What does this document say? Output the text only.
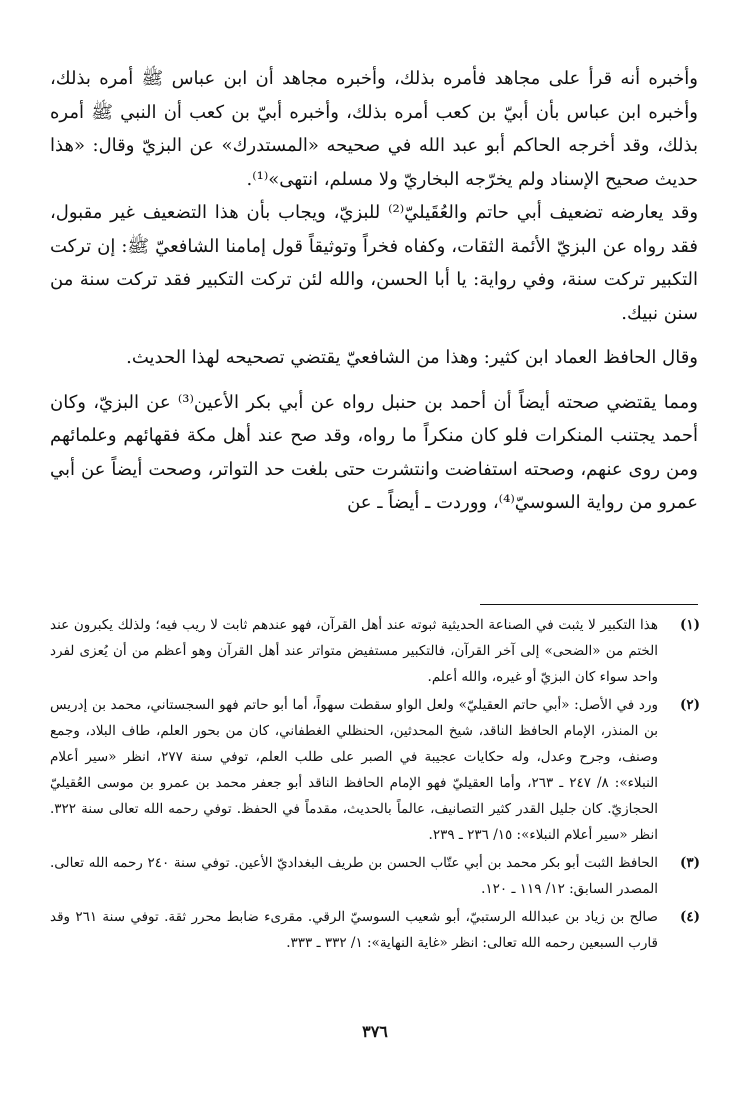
وأخبره أنه قرأ على مجاهد فأمره بذلك، وأخبره مجاهد أن ابن عباس ﷺ أمره بذلك، وأخبره ابن عباس بأن أبيّ بن كعب أمره بذلك، وأخبره أبيّ بن كعب أن النبي ﷺ أمره بذلك، وقد أخرجه الحاكم أبو عبد الله في صحيحه «المستدرك» عن البزيّ وقال: «هذا حديث صحيح الإسناد ولم يخرّجه البخاريّ ولا مسلم، انتهى»⁽¹⁾.

وقد يعارضه تضعيف أبي حاتم والعُقَيليّ⁽²⁾ للبزيّ، ويجاب بأن هذا التضعيف غير مقبول، فقد رواه عن البزيّ الأئمة الثقات، وكفاه فخراً وتوثيقاً قول إمامنا الشافعيّ ﷺ: إن تركت التكبير تركت سنة، وفي رواية: يا أبا الحسن، والله لئن تركت التكبير فقد تركت سنة من سنن نبيك.

وقال الحافظ العماد ابن كثير: وهذا من الشافعيّ يقتضي تصحيحه لهذا الحديث.

ومما يقتضي صحته أيضاً أن أحمد بن حنبل رواه عن أبي بكر الأعين⁽³⁾ عن البزيّ، وكان أحمد يجتنب المنكرات فلو كان منكراً ما رواه، وقد صح عند أهل مكة فقهائهم وعلمائهم ومن روى عنهم، وصحته استفاضت وانتشرت حتى بلغت حد التواتر، وصحت أيضاً عن أبي عمرو من رواية السوسيّ⁽⁴⁾، ووردت ـ أيضاً ـ عن

(١)
هذا التكبير لا يثبت في الصناعة الحديثية ثبوته عند أهل القرآن، فهو عندهم ثابت لا ريب فيه؛ ولذلك يكبرون عند الختم من «الضحى» إلى آخر القرآن، فالتكبير مستفيض متواتر عند أهل القرآن وهو أعظم من أن يُعزى لفرد واحد سواء كان البزيّ أو غيره، والله أعلم.
(٢)
ورد في الأصل: «أبي حاتم العقيليّ» ولعل الواو سقطت سهواً، أما أبو حاتم فهو السجستاني، محمد بن إدريس بن المنذر، الإمام الحافظ الناقد، شيخ المحدثين، الحنظلي الغطفاني، كان من بحور العلم، طاف البلاد، وجمع وصنف، وجرح وعدل، وله حكايات عجيبة في الصبر على طلب العلم، توفي سنة ٢٧٧، انظر «سير أعلام النبلاء»: ٨/ ٢٤٧ ـ ٢٦٣، وأما العقيليّ فهو الإمام الحافظ الناقد أبو جعفر محمد بن عمرو بن موسى العُقيليّ الحجازيّ. كان جليل القدر كثير التصانيف، عالماً بالحديث، مقدماً في الحفظ. توفي رحمه الله تعالى سنة ٣٢٢. انظر «سير أعلام النبلاء»: ١٥/ ٢٣٦ ـ ٢٣٩.
(٣)
الحافظ الثبت أبو بكر محمد بن أبي عتّاب الحسن بن طريف البغداديّ الأعين. توفي سنة ٢٤٠ رحمه الله تعالى. المصدر السابق: ١٢/ ١١٩ ـ ١٢٠.
(٤)
صالح بن زياد بن عبدالله الرستبيّ، أبو شعيب السوسيّ الرقي. مقرىء ضابط محرر ثقة. توفي سنة ٢٦١ وقد قارب السبعين رحمه الله تعالى: انظر «غاية النهاية»: ١/ ٣٣٢ ـ ٣٣٣.
٣٧٦
